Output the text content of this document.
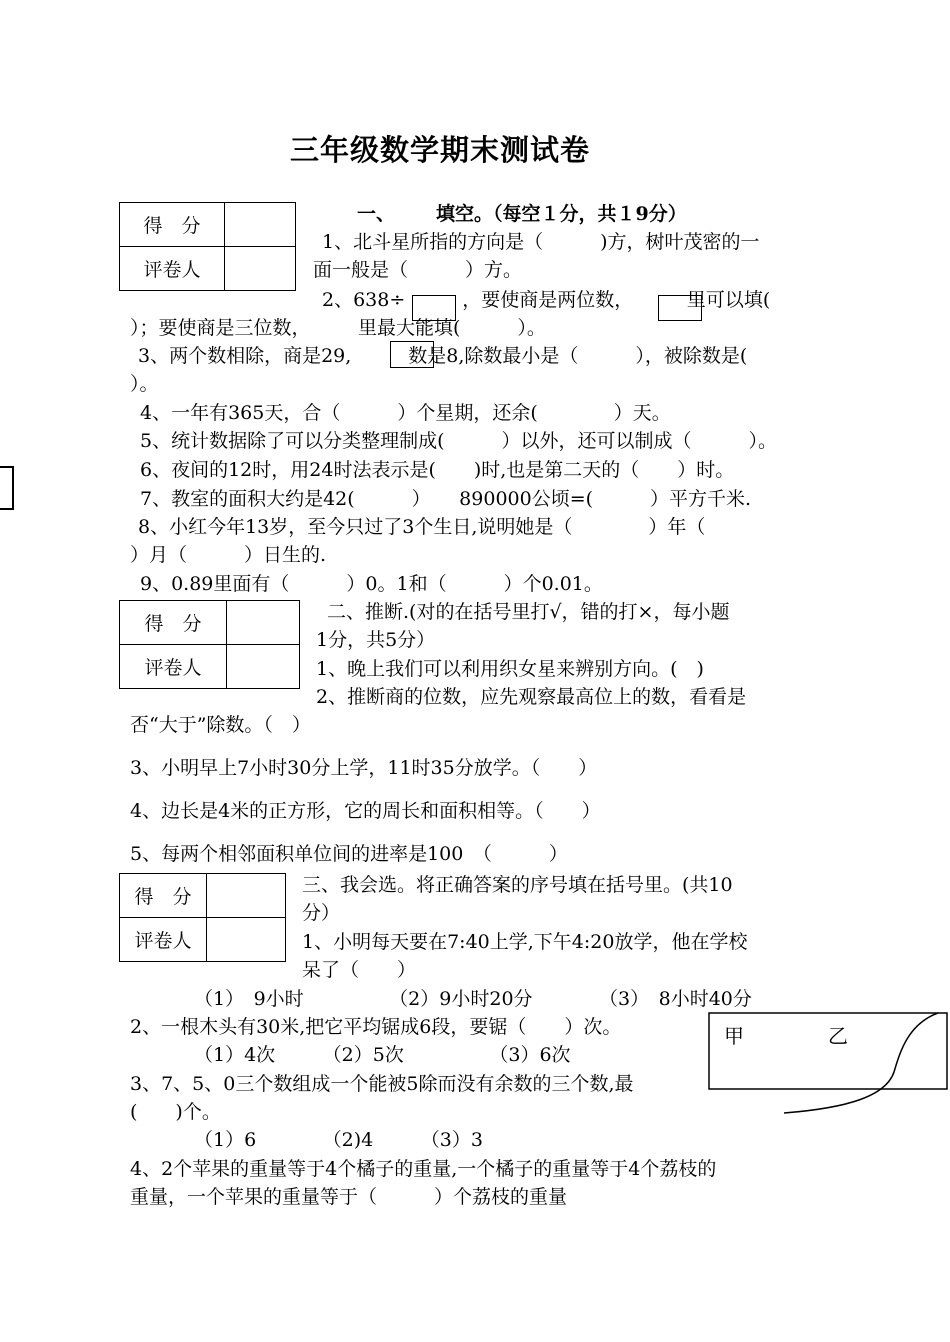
三年级数学期末测试卷
得　分	
评卷人	
一、 填空。（每空１分，共１9分）
1、北斗星所指的方向是（　　　)方，树叶茂密的一
面一般是（　　　）方。
2、638÷　　　，要使商是两位数，　　　 里可以填(
）；要使商是三位数，　　　里最大能填(　　　）。
3、两个数相除，商是29,　　　数是8,除数最小是（　　　），被除数是(
）。
4、一年有365天，合（　　　）个星期，还余(　　　　）天。
5、统计数据除了可以分类整理制成(　　　）以外，还可以制成（　　　）。
6、夜间的12时，用24时法表示是(　　)时,也是第二天的（　　）时。
7、教室的面积大约是42(　　　）　　890000公顷=(　　　）平方千米.
8、小红今年13岁，至今只过了3个生日,说明她是（　　　　）年（
）月（　　　）日生的.
9、0.89里面有（　　　）0。1和（　　　）个0.01。
得　分	
评卷人	
二、推断.(对的在括号里打√，错的打×，每小题
1分，共5分）
1、晚上我们可以利用织女星来辨别方向。(　)
2、推断商的位数，应先观察最高位上的数，看看是
否“大于”除数。（　）
3、小明早上7小时30分上学，11时35分放学。（　　）
4、边长是4米的正方形，它的周长和面积相等。（　　）
5、每两个相邻面积单位间的进率是100　（　　　）
得　分	
评卷人	
三、我会选。将正确答案的序号填在括号里。(共10
分）
1、小明每天要在7:40上学,下午4:20放学，他在学校
呆了（　　）
（1）　9小时　　　　　（2）9小时20分　　　　（3）　8小时40分
2、一根木头有30米,把它平均锯成6段，要锯（　　）次。
（1）4次　　　（2）5次　　　　　（3）6次
3、7、5、0三个数组成一个能被5除而没有余数的三个数,最
(　　)个。
（1）6　　　　（2)4　　　（3）3
4、2个苹果的重量等于4个橘子的重量,一个橘子的重量等于4个荔枝的
重量，一个苹果的重量等于（　　　）个荔枝的重量
甲	乙
